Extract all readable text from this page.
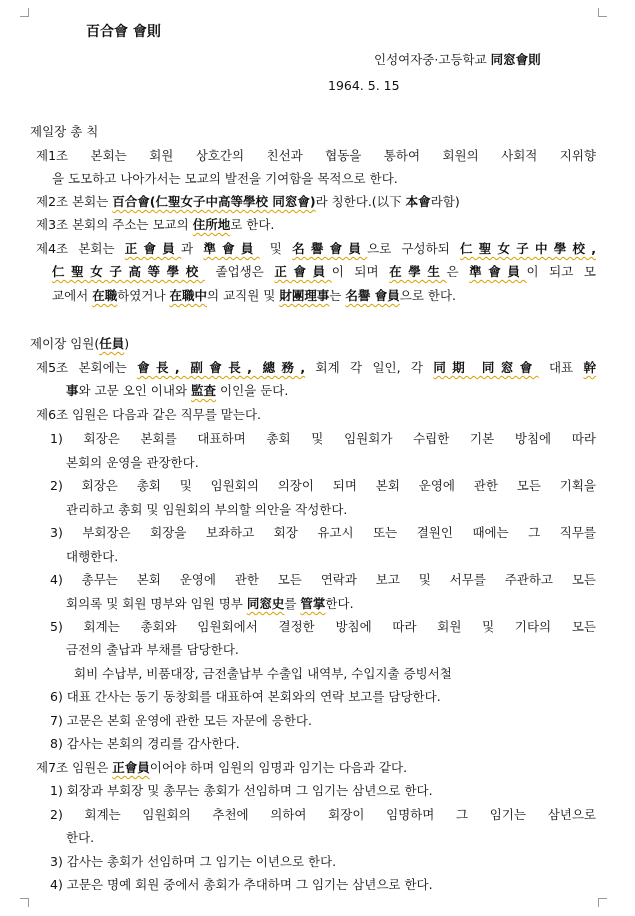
百合會 會則
인성여자중·고등학교 同窓會則
1964. 5. 15
제일장 총 칙
제1조 본회는 회원 상호간의 친선과 협동을 통하여 회원의 사회적 지위향
을 도모하고 나아가서는 모교의 발전을 기여함을 목적으로 한다.
제2조 본회는 百合會(仁聖女子中高等學校 同窓會)라 칭한다.(以下 本會라함)
제3조 본회의 주소는 모교의 住所地로 한다.
제4조 본회는 正會員과 準會員 및 名譽會員으로 구성하되 仁聖女子中學校,
仁聖女子高等學校 졸업생은 正會員이 되며 在學生은 準會員이 되고 모
교에서 在職하였거나 在職中의 교직원 및 財團理事는 名譽 會員으로 한다.
제이장 임원(任員)
제5조 본회에는 會長, 副會長, 總務, 회계 각 일인, 각 同期 同窓會 대표 幹
事와 고문 오인 이내와 監査 이인을 둔다.
제6조 임원은 다음과 같은 직무를 맡는다.
1) 회장은 본회를 대표하며 총회 및 임원회가 수립한 기본 방침에 따라
본회의 운영을 관장한다.
2) 회장은 총회 및 임원회의 의장이 되며 본회 운영에 관한 모든 기획을
관리하고 총회 및 임원회의 부의할 의안을 작성한다.
3) 부회장은 회장을 보좌하고 회장 유고시 또는 결원인 때에는 그 직무를
대행한다.
4) 총무는 본회 운영에 관한 모든 연락과 보고 및 서무를 주관하고 모든
회의록 및 회원 명부와 임원 명부 同窓史를 管掌한다.
5) 회계는 총회와 임원회에서 결정한 방침에 따라 회원 및 기타의 모든
금전의 출납과 부채를 담당한다.
회비 수납부, 비품대장, 금전출납부 수출입 내역부, 수입지출 증빙서철
6) 대표 간사는 동기 동창회를 대표하여 본회와의 연락 보고를 담당한다.
7) 고문은 본회 운영에 관한 모든 자문에 응한다.
8) 감사는 본회의 경리를 감사한다.
제7조 임원은 正會員이어야 하며 임원의 임명과 임기는 다음과 같다.
1) 회장과 부회장 및 총무는 총회가 선임하며 그 임기는 삼년으로 한다.
2) 회계는 임원회의 추천에 의하여 회장이 임명하며 그 임기는 삼년으로
한다.
3) 감사는 총회가 선임하며 그 임기는 이년으로 한다.
4) 고문은 명예 회원 중에서 총회가 추대하며 그 임기는 삼년으로 한다.
